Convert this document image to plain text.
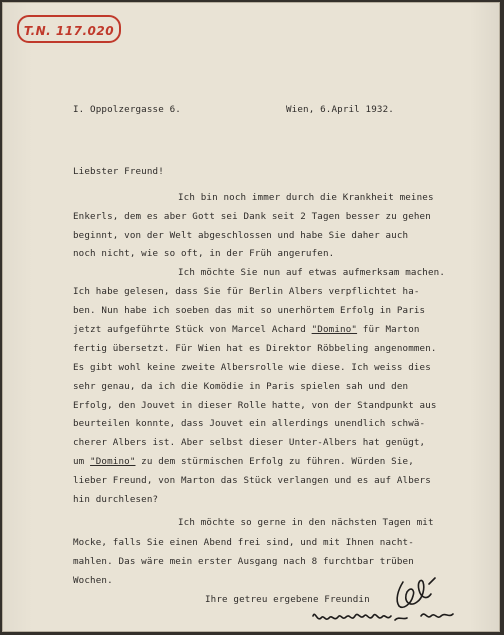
T.N. 117.020
I. Oppolzergasse 6.	Wien, 6.April 1932.
Liebster Freund!
Ich bin noch immer durch die Krankheit meines
Enkerls, dem es aber Gott sei Dank seit 2 Tagen besser zu gehen
beginnt, von der Welt abgeschlossen und habe Sie daher auch
noch nicht, wie so oft, in der Früh angerufen.
Ich möchte Sie nun auf etwas aufmerksam machen.
Ich habe gelesen, dass Sie für Berlin Albers verpflichtet ha-
ben. Nun habe ich soeben das mit so unerhörtem Erfolg in Paris
jetzt aufgeführte Stück von Marcel Achard "Domino" für Marton
fertig übersetzt. Für Wien hat es Direktor Röbbeling angenommen.
Es gibt wohl keine zweite Albersrolle wie diese. Ich weiss dies
sehr genau, da ich die Komödie in Paris spielen sah und den
Erfolg, den Jouvet in dieser Rolle hatte, von der Standpunkt aus
beurteilen konnte, dass Jouvet ein allerdings unendlich schwä-
cherer Albers ist. Aber selbst dieser Unter-Albers hat genügt,
um "Domino" zu dem stürmischen Erfolg zu führen. Würden Sie,
lieber Freund, von Marton das Stück verlangen und es auf Albers
hin durchlesen?
Ich möchte so gerne in den nächsten Tagen mit
Mocke, falls Sie einen Abend frei sind, und mit Ihnen nacht-
mahlen. Das wäre mein erster Ausgang nach 8 furchtbar trüben
Wochen.
Ihre getreu ergebene Freundin
